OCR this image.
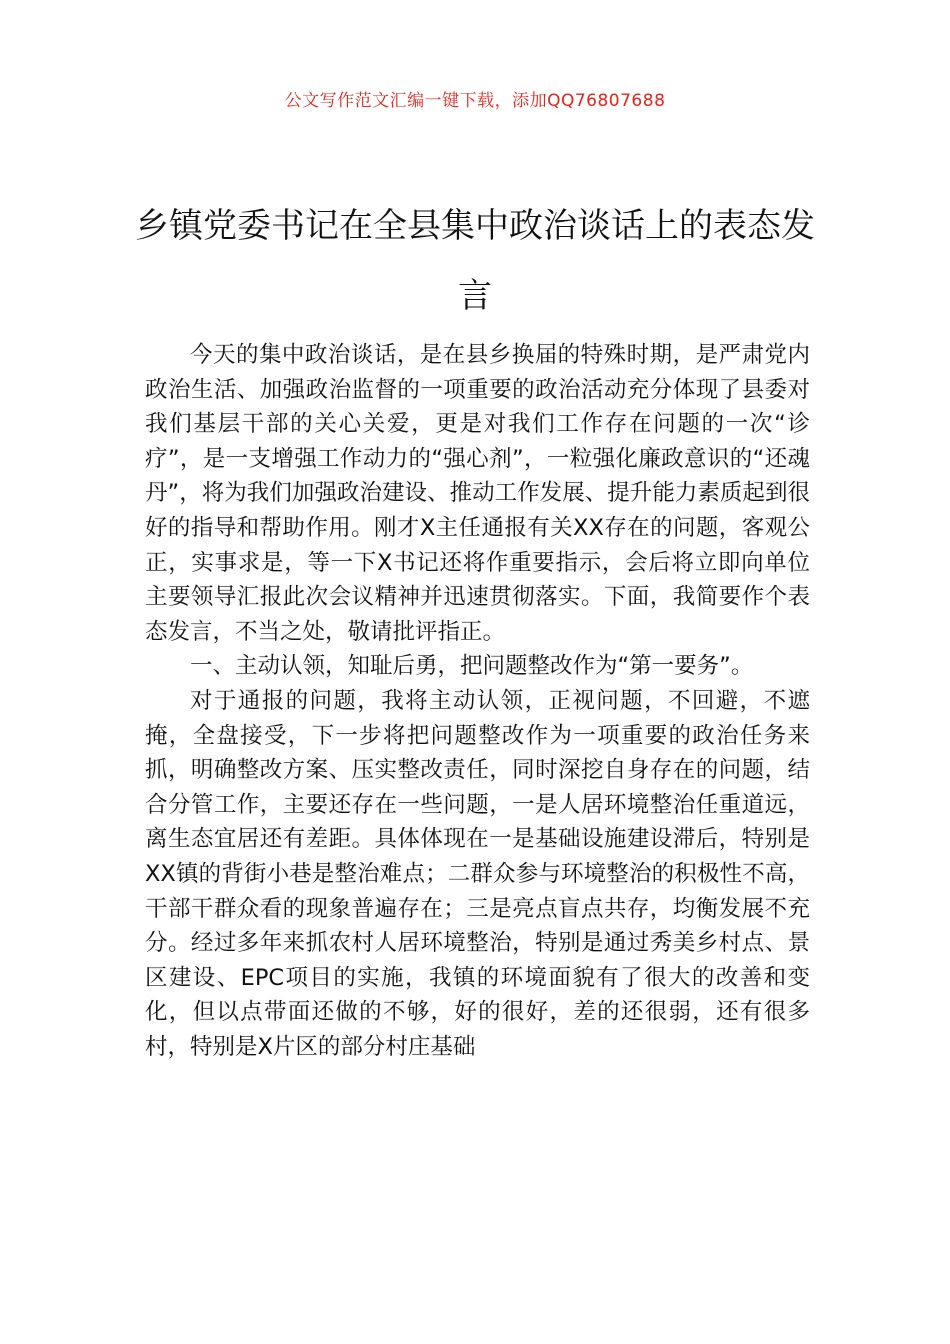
公文写作范文汇编一键下载，添加QQ76807688
乡镇党委书记在全县集中政治谈话上的表态发言

今天的集中政治谈话，是在县乡换届的特殊时期，是严肃党内政治生活、加强政治监督的一项重要的政治活动充分体现了县委对我们基层干部的关心关爱，更是对我们工作存在问题的一次“诊疗”，是一支增强工作动力的“强心剂”，一粒强化廉政意识的“还魂丹”，将为我们加强政治建设、推动工作发展、提升能力素质起到很好的指导和帮助作用。刚才X主任通报有关XX存在的问题，客观公正，实事求是，等一下X书记还将作重要指示，会后将立即向单位主要领导汇报此次会议精神并迅速贯彻落实。下面，我简要作个表态发言，不当之处，敬请批评指正。

一、主动认领，知耻后勇，把问题整改作为“第一要务”。

对于通报的问题，我将主动认领，正视问题，不回避，不遮掩，全盘接受，下一步将把问题整改作为一项重要的政治任务来抓，明确整改方案、压实整改责任，同时深挖自身存在的问题，结合分管工作，主要还存在一些问题，一是人居环境整治任重道远，离生态宜居还有差距。具体体现在一是基础设施建设滞后，特别是XX镇的背街小巷是整治难点；二群众参与环境整治的积极性不高，干部干群众看的现象普遍存在；三是亮点盲点共存，均衡发展不充分。经过多年来抓农村人居环境整治，特别是通过秀美乡村点、景区建设、EPC项目的实施，我镇的环境面貌有了很大的改善和变化，但以点带面还做的不够，好的很好，差的还很弱，还有很多村，特别是X片区的部分村庄基础
